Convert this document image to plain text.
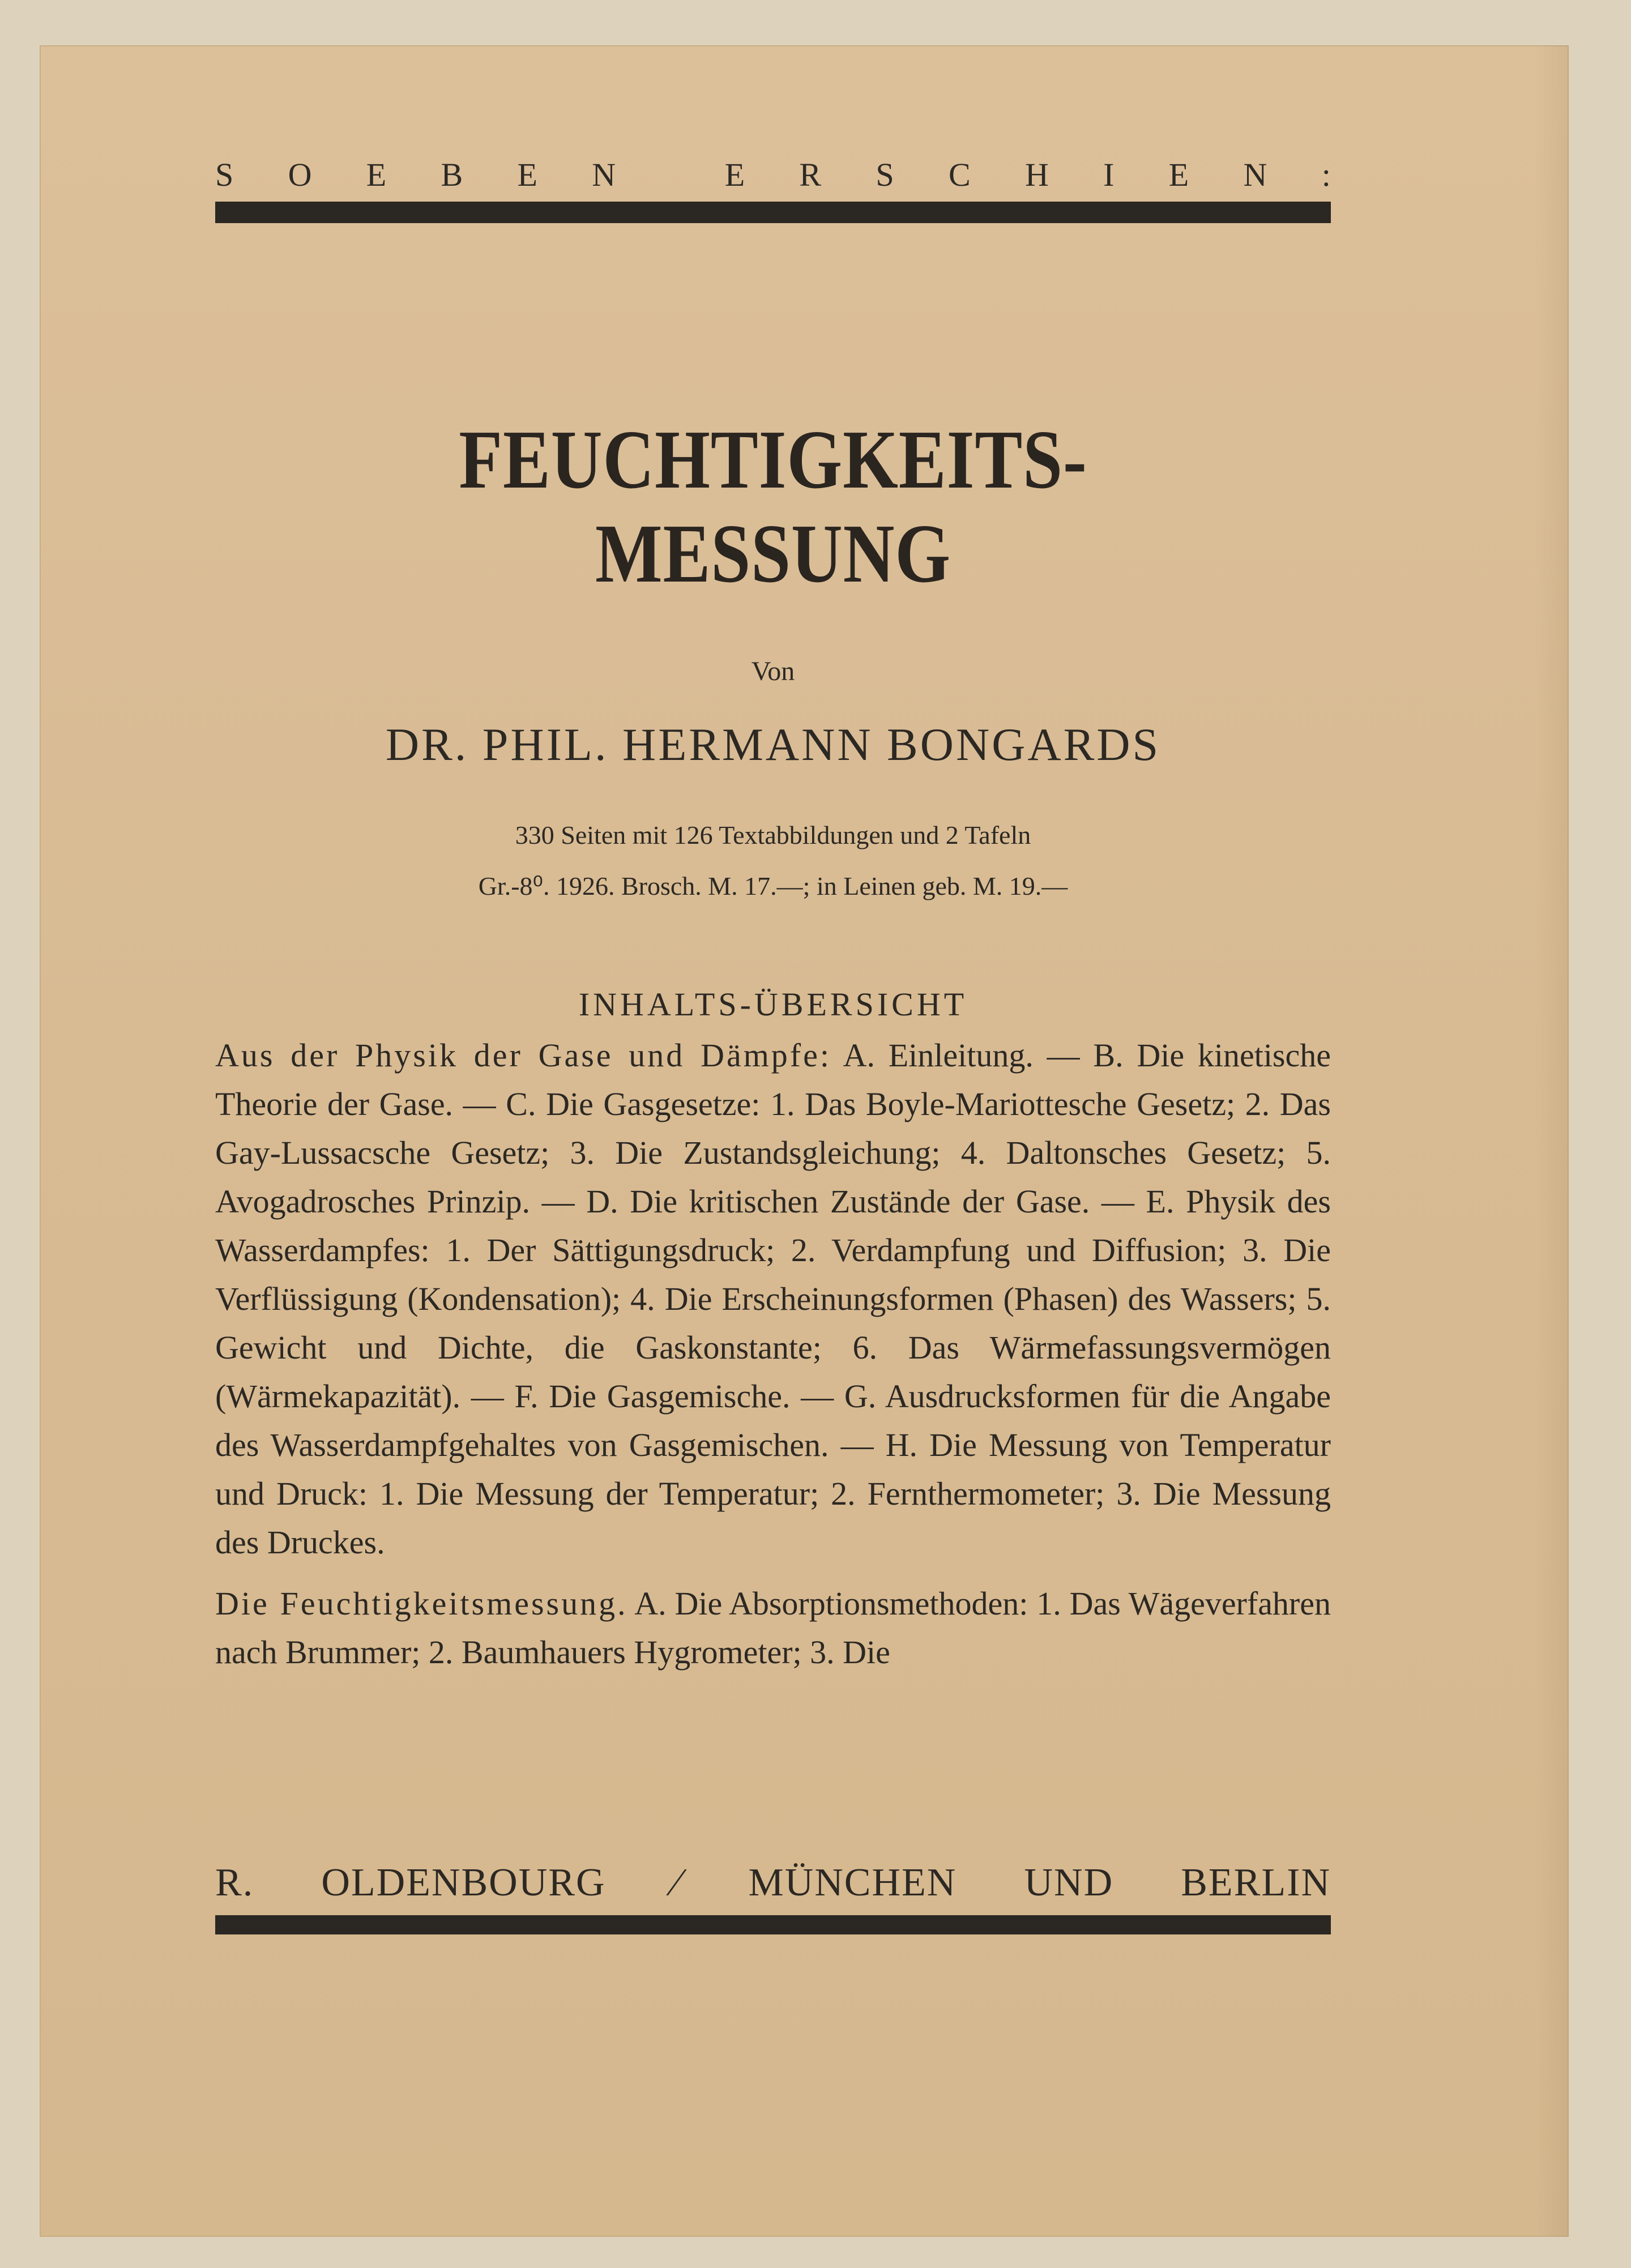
S O E B E N	E R S C H I E N :
FEUCHTIGKEITS-
MESSUNG
Von
DR. PHIL. HERMANN BONGARDS
330 Seiten mit 126 Textabbildungen und 2 Tafeln
Gr.-8⁰. 1926. Brosch. M. 17.—; in Leinen geb. M. 19.—
INHALTS-ÜBERSICHT

Aus der Physik der Gase und Dämpfe: A. Einleitung. — B. Die kinetische Theorie der Gase. — C. Die Gasgesetze: 1. Das Boyle-Mariottesche Gesetz; 2. Das Gay-Lussacsche Gesetz; 3. Die Zustandsgleichung; 4. Daltonsches Gesetz; 5. Avogadrosches Prinzip. — D. Die kritischen Zustände der Gase. — E. Physik des Wasserdampfes: 1. Der Sättigungsdruck; 2. Verdampfung und Diffusion; 3. Die Verflüssigung (Kondensation); 4. Die Erscheinungsformen (Phasen) des Wassers; 5. Gewicht und Dichte, die Gaskonstante; 6. Das Wärmefassungsvermögen (Wärmekapazität). — F. Die Gasgemische. — G. Ausdrucksformen für die Angabe des Wasserdampfgehaltes von Gasgemischen. — H. Die Messung von Temperatur und Druck: 1. Die Messung der Temperatur; 2. Fernthermometer; 3. Die Messung des Druckes.

Die Feuchtigkeitsmessung. A. Die Absorptionsmethoden: 1. Das Wägeverfahren nach Brummer; 2. Baumhauers Hygrometer; 3. Die

R. OLDENBOURG ∕ MÜNCHEN UND BERLIN
